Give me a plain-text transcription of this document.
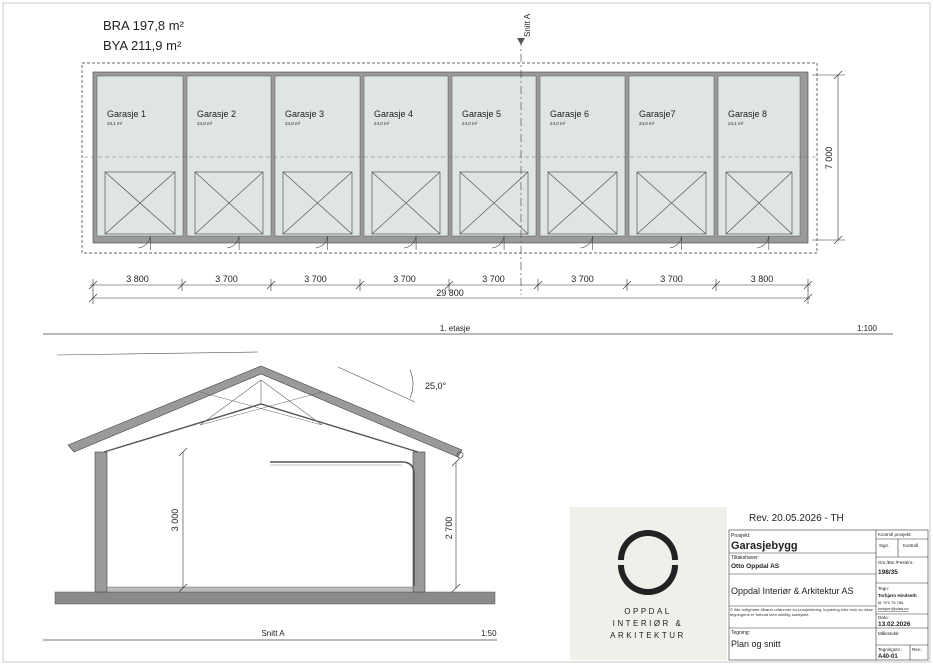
BRA 197,8 m²
BYA 211,9 m²
Garasje 1
24,1 m²
Garasje 2
24,0 m²
Garasje 3
24,0 m²
Garasje 4
24,0 m²
Garasje 5
24,0 m²
Garasje 6
24,0 m²
Garasje7
24,0 m²
Garasje 8
24,1 m²
Snitt A
7 000
3 800	3 700	3 700	3 700	3 700	3 700	3 700	3 800
29 800
1. etasje	1:100
3 000	2 700
25,0°
Snitt A	1:50
Rev. 20.05.2026 - TH
OPPDAL
INTERIØR &
ARKITEKTUR
Prosjekt:
Garasjebygg
Tiltakshaver:
Otto Oppdal AS
Oppdal Interiør & Arkitektur AS
© Alle rettigheter tilhører utførende for prosjektering, kopiering eller bruk av disse tegningene er forbudt uten skriftlig samtykke.
Tegning:
Plan og snitt
Kontroll prosjekt:
Sign.	Kontroll
Gnr./Bnr./Festenr.:
198/35
Tegn:
Torbjørn Hindseth
tlf. 970 75 786
torbjorn@oiaa.no
Dato:
13.02.2026
Målestokk:
Tegningsnr.:
A40-01
Rev.:
